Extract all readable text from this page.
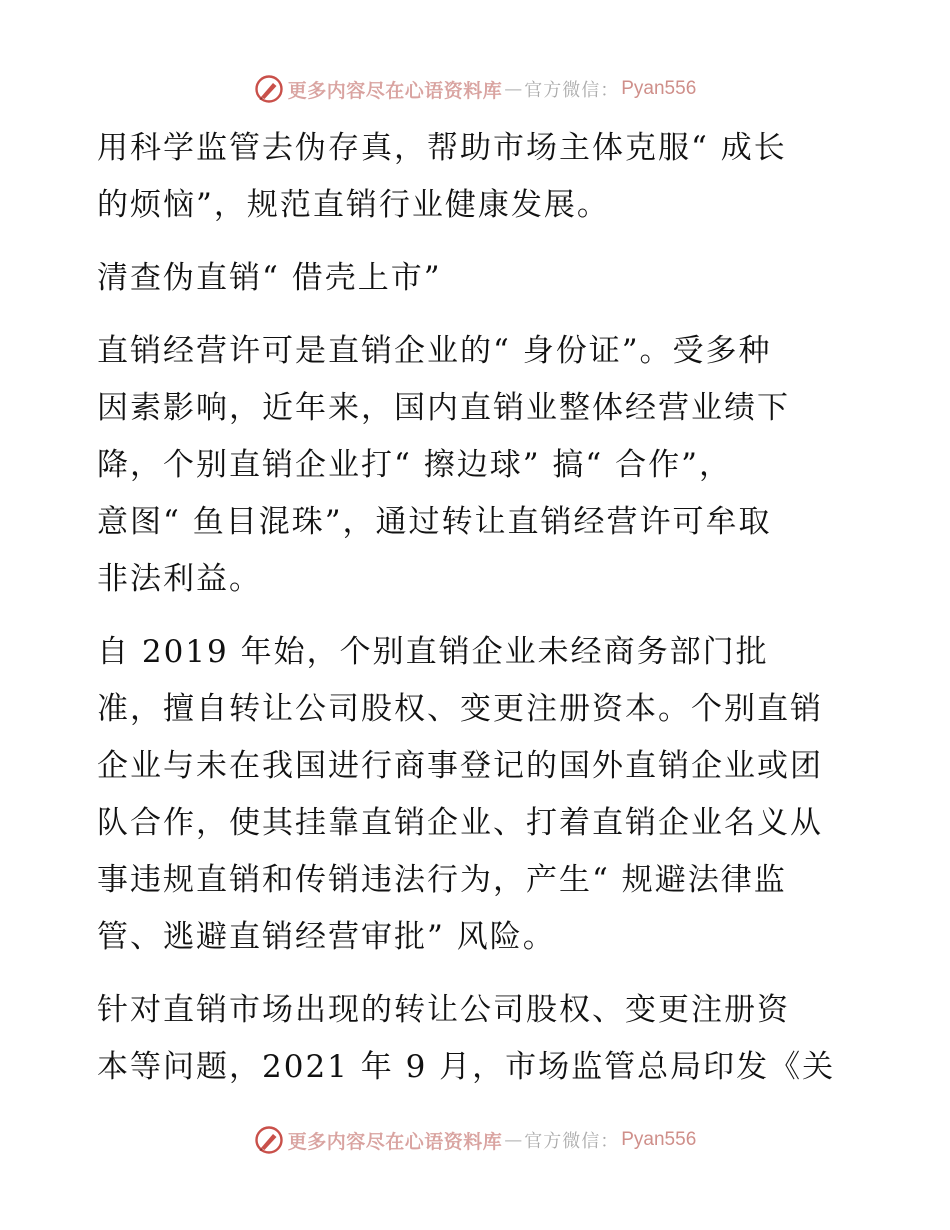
更多内容尽在心语资料库 — 官方微信： Pyan556

用科学监管去伪存真，帮助市场主体克服“ 成长
的烦恼”，规范直销行业健康发展。

清查伪直销“ 借壳上市”

直销经营许可是直销企业的“ 身份证”。受多种
因素影响，近年来，国内直销业整体经营业绩下
降，个别直销企业打“ 擦边球” 搞“ 合作”，
意图“ 鱼目混珠”，通过转让直销经营许可牟取
非法利益。

自 2019 年始，个别直销企业未经商务部门批
准，擅自转让公司股权、变更注册资本。个别直销
企业与未在我国进行商事登记的国外直销企业或团
队合作，使其挂靠直销企业、打着直销企业名义从
事违规直销和传销违法行为，产生“ 规避法律监
管、逃避直销经营审批” 风险。

针对直销市场出现的转让公司股权、变更注册资
本等问题，2021 年 9 月，市场监管总局印发《关

更多内容尽在心语资料库 — 官方微信： Pyan556
